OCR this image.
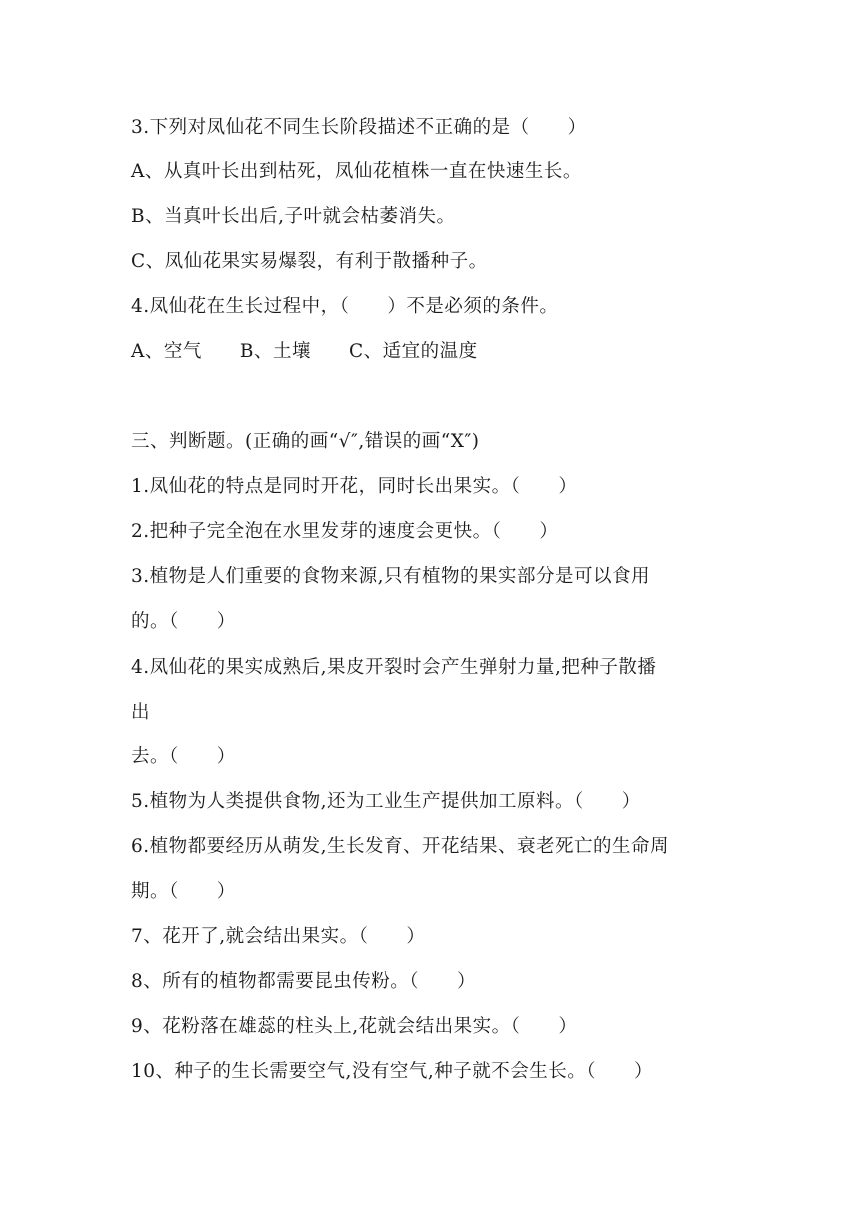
3.下列对凤仙花不同生长阶段描述不正确的是（　　）
A、从真叶长出到枯死，凤仙花植株一直在快速生长。
B、当真叶长出后,子叶就会枯萎消失。
C、凤仙花果实易爆裂，有利于散播种子。
4.凤仙花在生长过程中，（　　）不是必须的条件。
A、空气　　B、土壤　　C、适宜的温度
三、判断题。(正确的画“√″,错误的画“X″)
1.凤仙花的特点是同时开花，同时长出果实。（　　）
2.把种子完全泡在水里发芽的速度会更快。（　　）
3.植物是人们重要的食物来源,只有植物的果实部分是可以食用
的。（　　）
4.凤仙花的果实成熟后,果皮开裂时会产生弹射力量,把种子散播
出
去。（　　）
5.植物为人类提供食物,还为工业生产提供加工原料。（　　）
6.植物都要经历从萌发,生长发育、开花结果、衰老死亡的生命周
期。（　　）
7、花开了,就会结出果实。（　　）
8、所有的植物都需要昆虫传粉。（　　）
9、花粉落在雄蕊的柱头上,花就会结出果实。（　　）
10、种子的生长需要空气,没有空气,种子就不会生长。（　　）
